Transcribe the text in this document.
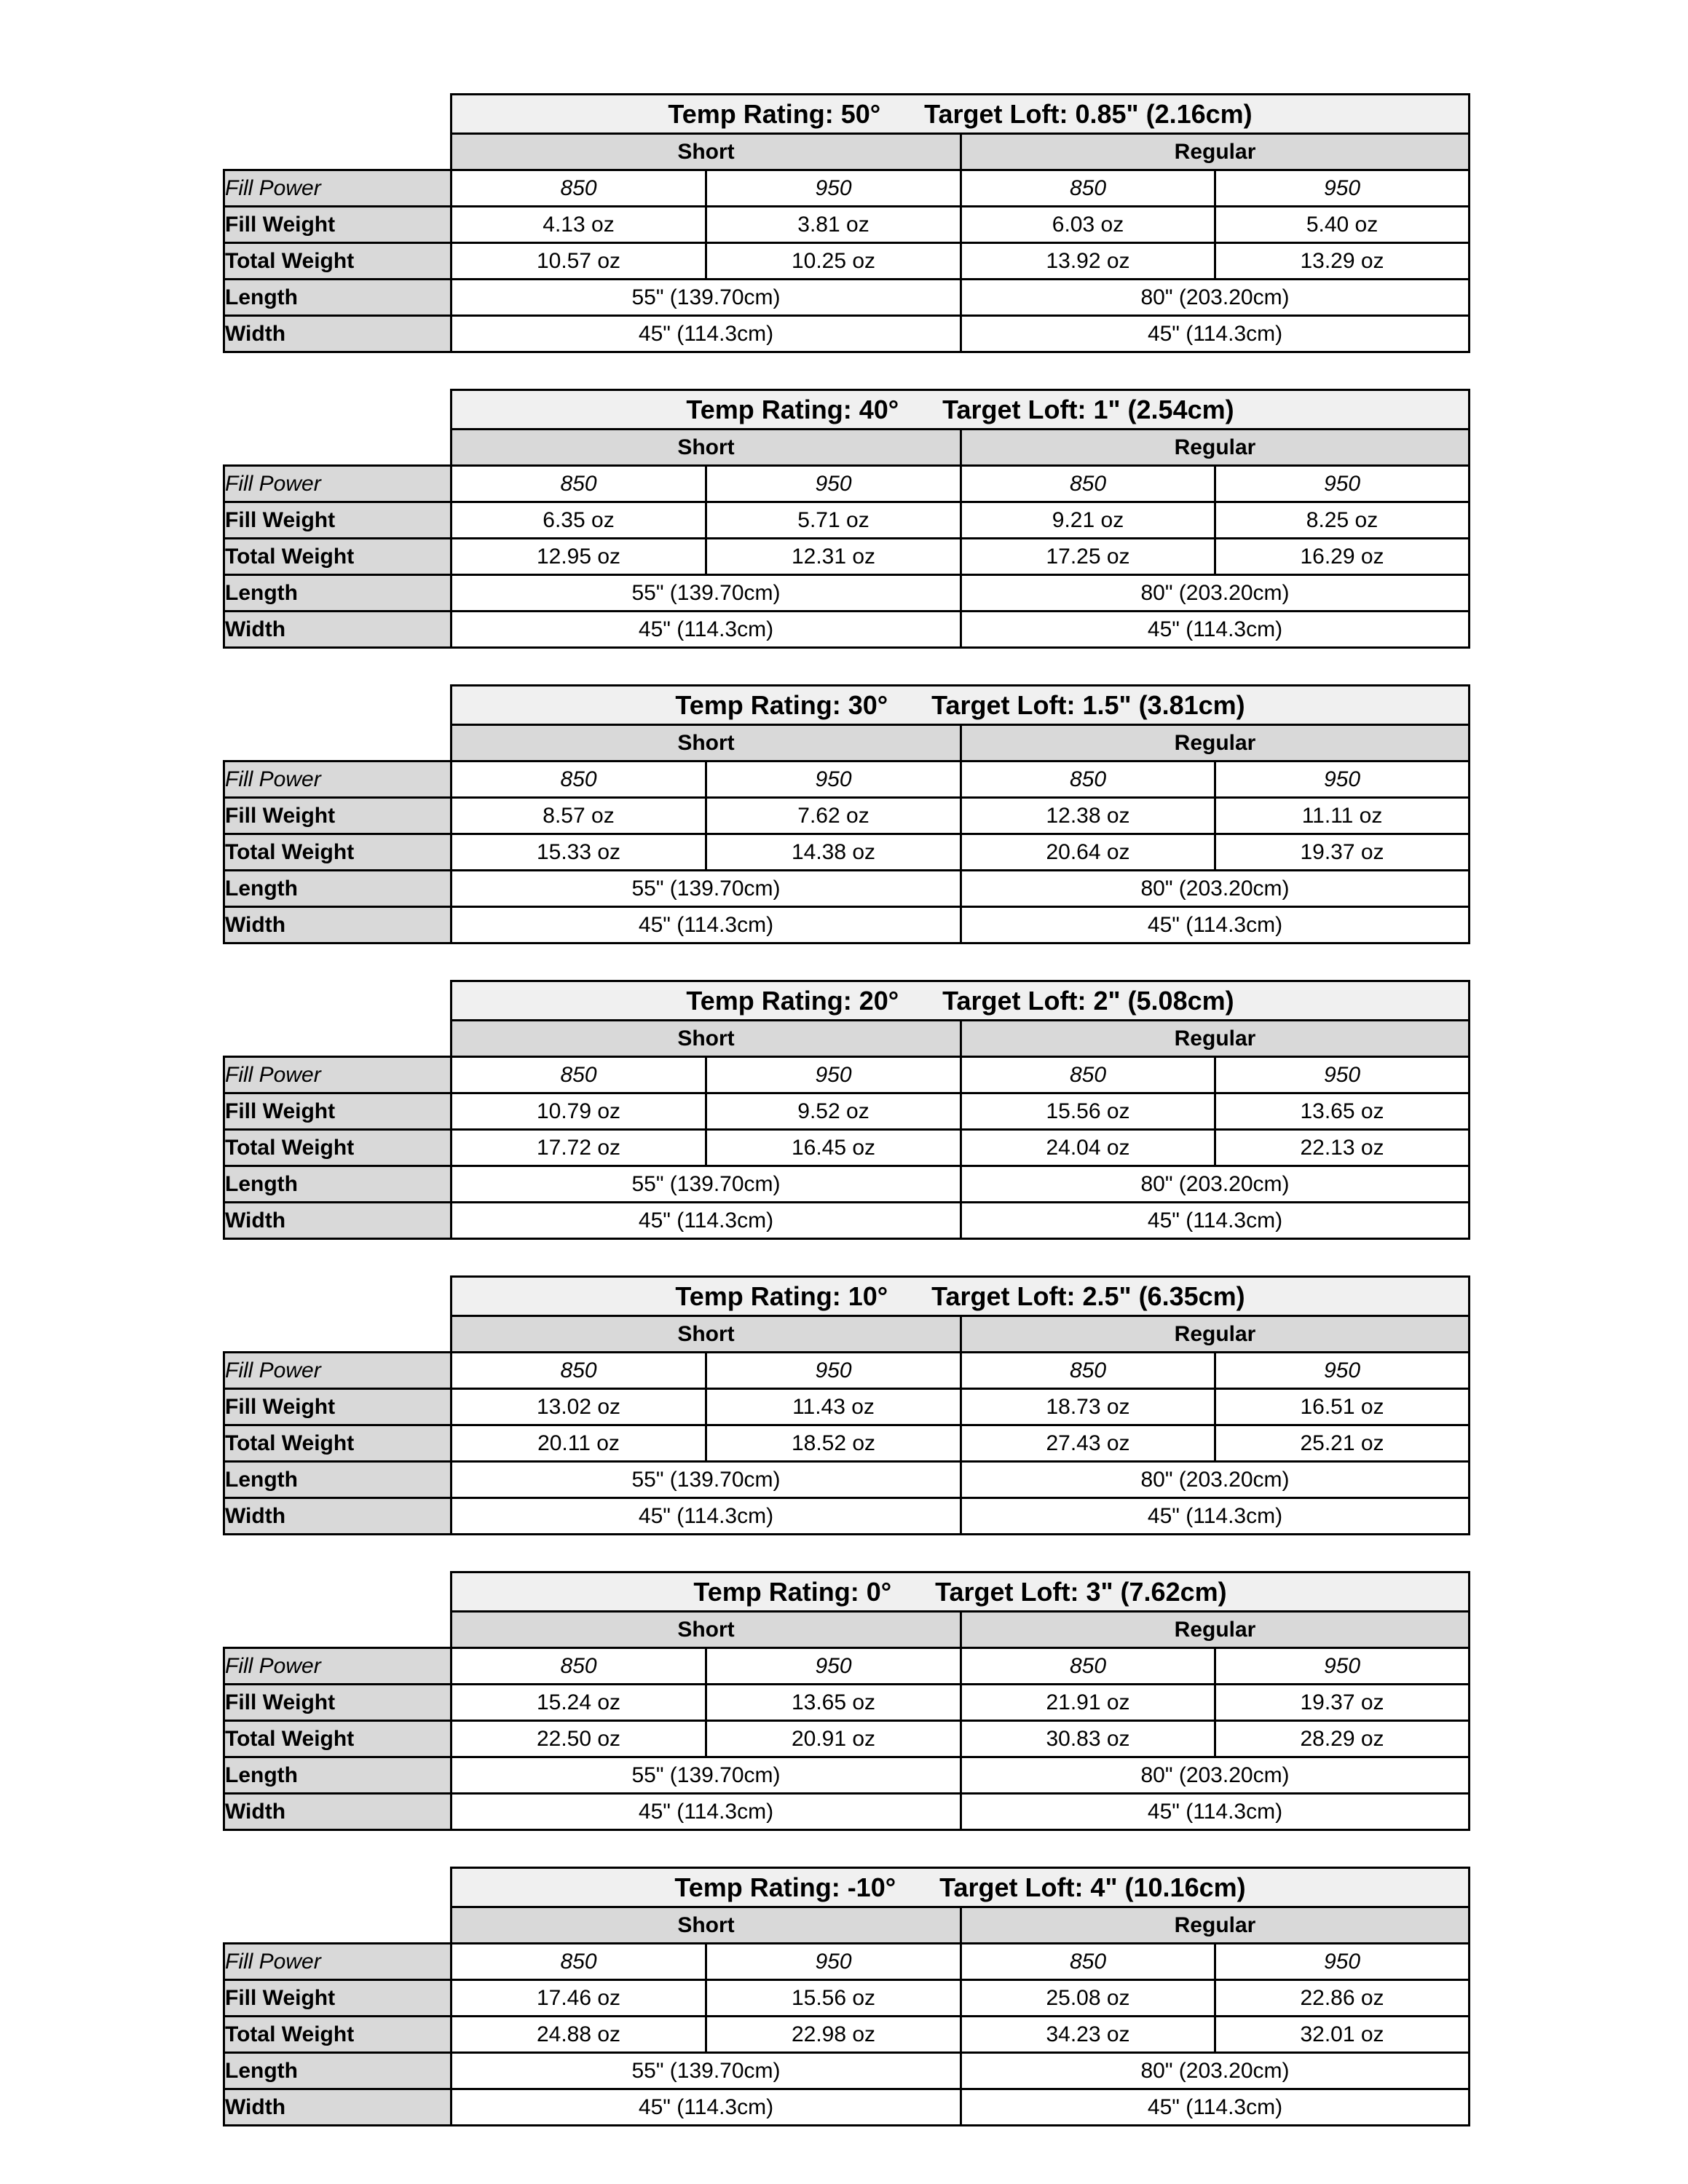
	Temp Rating: 50°      Target Loft: 0.85" (2.16cm)			
	Short		Regular	
Fill Power	850	950	850	950
Fill Weight	4.13 oz	3.81 oz	6.03 oz	5.40 oz
Total Weight	10.57 oz	10.25 oz	13.92 oz	13.29 oz
Length	55" (139.70cm)		80" (203.20cm)	
Width	45" (114.3cm)		45" (114.3cm)	
	Temp Rating: 40°      Target Loft: 1" (2.54cm)			
	Short		Regular	
Fill Power	850	950	850	950
Fill Weight	6.35 oz	5.71 oz	9.21 oz	8.25 oz
Total Weight	12.95 oz	12.31 oz	17.25 oz	16.29 oz
Length	55" (139.70cm)		80" (203.20cm)	
Width	45" (114.3cm)		45" (114.3cm)	
	Temp Rating: 30°      Target Loft: 1.5" (3.81cm)			
	Short		Regular	
Fill Power	850	950	850	950
Fill Weight	8.57 oz	7.62 oz	12.38 oz	11.11 oz
Total Weight	15.33 oz	14.38 oz	20.64 oz	19.37 oz
Length	55" (139.70cm)		80" (203.20cm)	
Width	45" (114.3cm)		45" (114.3cm)	
	Temp Rating: 20°      Target Loft: 2" (5.08cm)			
	Short		Regular	
Fill Power	850	950	850	950
Fill Weight	10.79 oz	9.52 oz	15.56 oz	13.65 oz
Total Weight	17.72 oz	16.45 oz	24.04 oz	22.13 oz
Length	55" (139.70cm)		80" (203.20cm)	
Width	45" (114.3cm)		45" (114.3cm)	
	Temp Rating: 10°      Target Loft: 2.5" (6.35cm)			
	Short		Regular	
Fill Power	850	950	850	950
Fill Weight	13.02 oz	11.43 oz	18.73 oz	16.51 oz
Total Weight	20.11 oz	18.52 oz	27.43 oz	25.21 oz
Length	55" (139.70cm)		80" (203.20cm)	
Width	45" (114.3cm)		45" (114.3cm)	
	Temp Rating: 0°      Target Loft: 3" (7.62cm)			
	Short		Regular	
Fill Power	850	950	850	950
Fill Weight	15.24 oz	13.65 oz	21.91 oz	19.37 oz
Total Weight	22.50 oz	20.91 oz	30.83 oz	28.29 oz
Length	55" (139.70cm)		80" (203.20cm)	
Width	45" (114.3cm)		45" (114.3cm)	
	Temp Rating: -10°      Target Loft: 4" (10.16cm)			
	Short		Regular	
Fill Power	850	950	850	950
Fill Weight	17.46 oz	15.56 oz	25.08 oz	22.86 oz
Total Weight	24.88 oz	22.98 oz	34.23 oz	32.01 oz
Length	55" (139.70cm)		80" (203.20cm)	
Width	45" (114.3cm)		45" (114.3cm)	
